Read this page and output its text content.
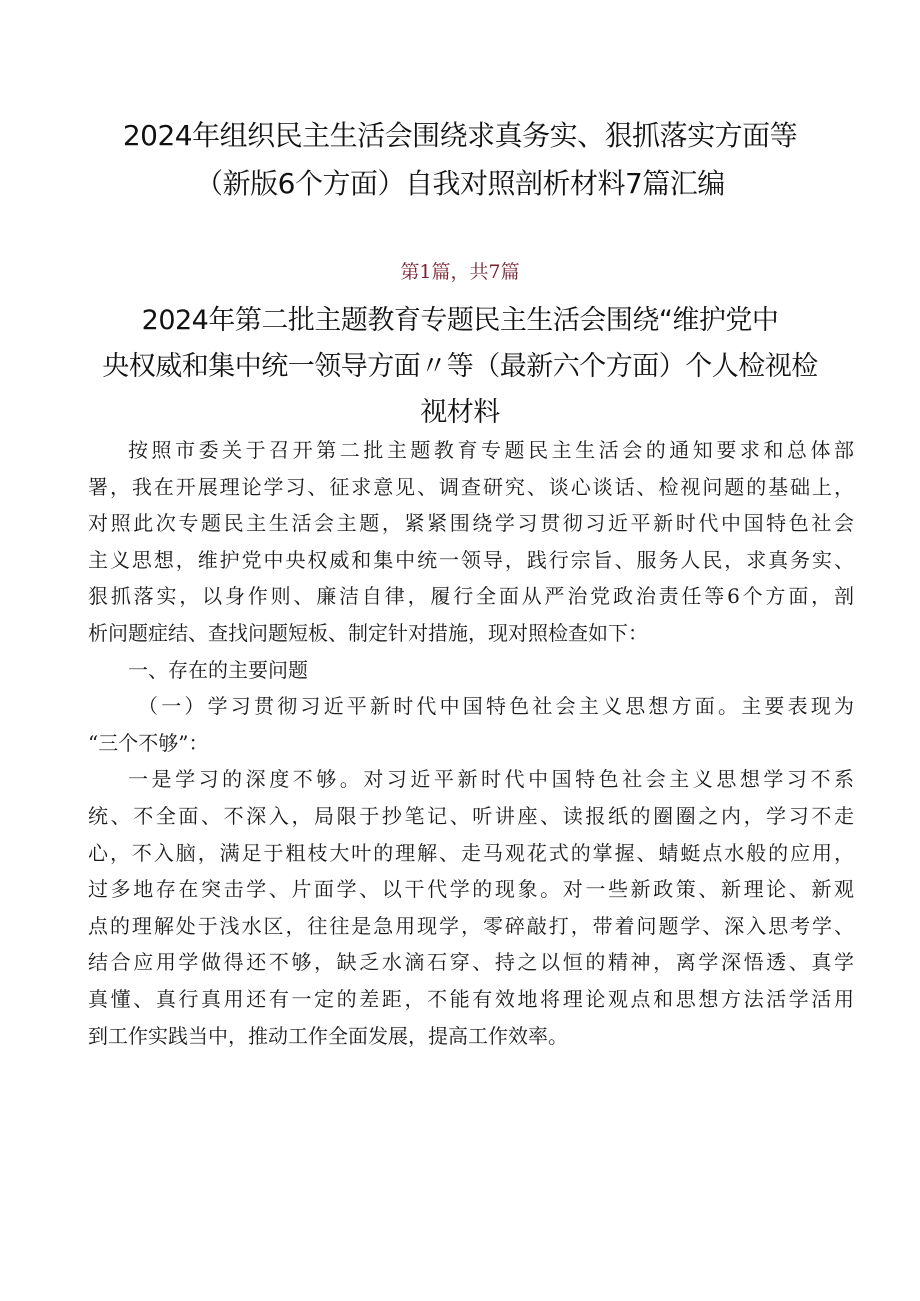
2024年组织民主生活会围绕求真务实、狠抓落实方面等
（新版6个方面）自我对照剖析材料7篇汇编
第1篇，共7篇
2024年第二批主题教育专题民主生活会围绕“维护党中
央权威和集中统一领导方面〃等（最新六个方面）个人检视检
视材料
按照市委关于召开第二批主题教育专题民主生活会的通知要求和总体部
署，我在开展理论学习、征求意见、调查研究、谈心谈话、检视问题的基础上，
对照此次专题民主生活会主题，紧紧围绕学习贯彻习近平新时代中国特色社会
主义思想，维护党中央权威和集中统一领导，践行宗旨、服务人民，求真务实、
狠抓落实，以身作则、廉洁自律，履行全面从严治党政治责任等6个方面，剖
析问题症结、查找问题短板、制定针对措施，现对照检查如下：
一、存在的主要问题
（一）学习贯彻习近平新时代中国特色社会主义思想方面。主要表现为
“三个不够”：
一是学习的深度不够。对习近平新时代中国特色社会主义思想学习不系
统、不全面、不深入，局限于抄笔记、听讲座、读报纸的圈圈之内，学习不走
心，不入脑，满足于粗枝大叶的理解、走马观花式的掌握、蜻蜓点水般的应用，
过多地存在突击学、片面学、以干代学的现象。对一些新政策、新理论、新观
点的理解处于浅水区，往往是急用现学，零碎敲打，带着问题学、深入思考学、
结合应用学做得还不够，缺乏水滴石穿、持之以恒的精神，离学深悟透、真学
真懂、真行真用还有一定的差距，不能有效地将理论观点和思想方法活学活用
到工作实践当中，推动工作全面发展，提高工作效率。
